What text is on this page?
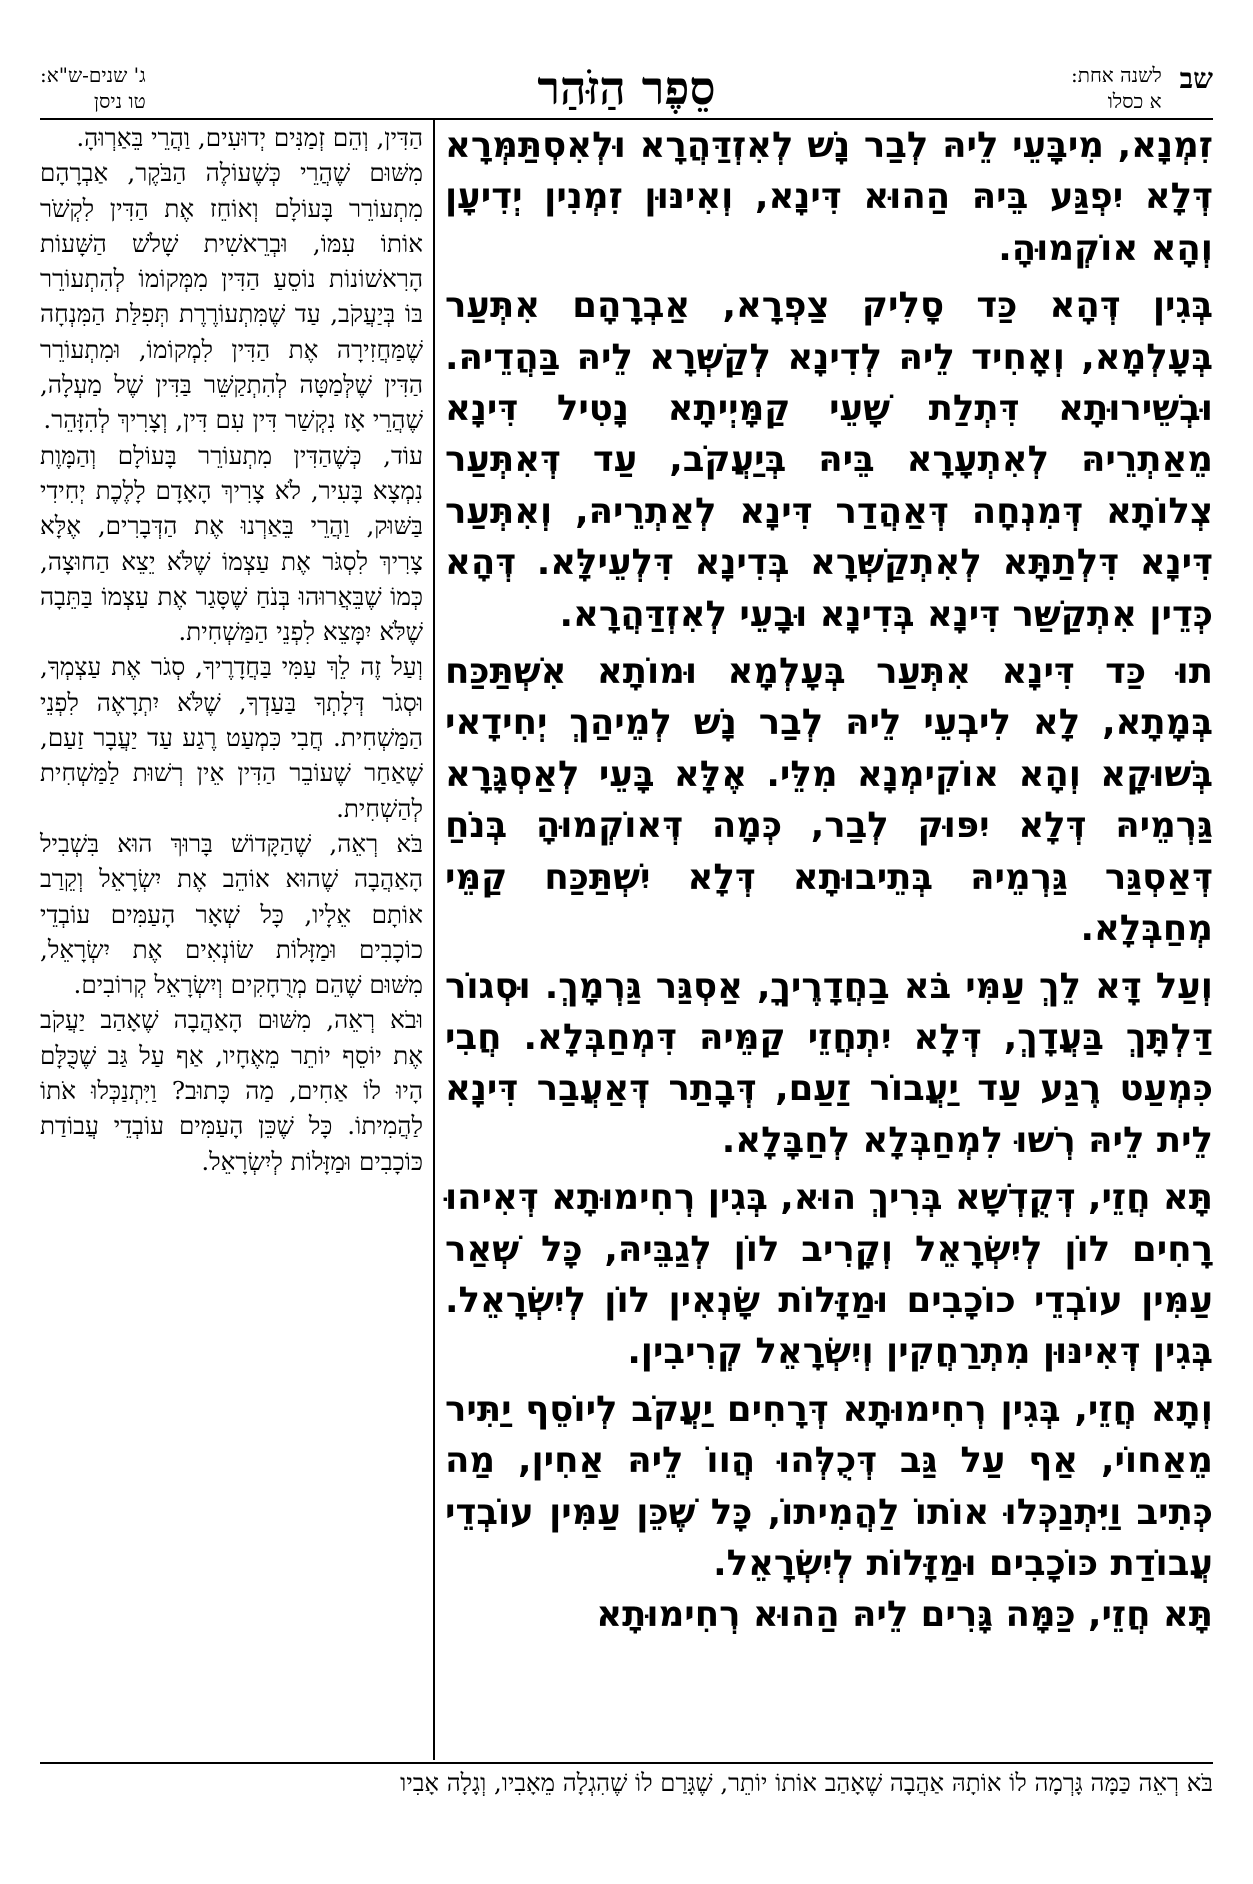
שב
לשנה אחת:
א כסלו
סֵפֶר הַזֹּהַר
ג' שנים-ש"א:
טו ניסן

זִמְנָא, מִיבָּעֵי לֵיהּ לְבַר נָשׁ לְאִזְדַּהֲרָא וּלְאִסְתַּמְּרָא דְּלָא יִפְגַּע בֵּיהּ הַהוּא דִּינָא, וְאִינּוּן זִמְנִין יְדִיעָן וְהָא אוֹקְמוּהָ.

בְּגִין דְּהָא כַּד סָלִיק צַפְרָא, אַבְרָהָם אִתְּעַר בְּעָלְמָא, וְאָחִיד לֵיהּ לְדִינָא לְקַשְּׁרָא לֵיהּ בַּהֲדֵיהּ. וּבְשֵׁירוּתָא דִּתְלַת שָׁעֵי קַמָּיְיתָא נָטִיל דִּינָא מֵאַתְרֵיהּ לְאִתְעָרָא בֵּיהּ בְּיַעֲקֹב, עַד דְּאִתְּעַר צְלוֹתָא דְּמִנְחָה דְּאַהֲדַר דִּינָא לְאַתְרֵיהּ, וְאִתְּעַר דִּינָא דִּלְתַתָּא לְאִתְקַשְּׁרָא בְּדִינָא דִּלְעֵילָּא. דְּהָא כְּדֵין אִתְקַשַּׁר דִּינָא בְּדִינָא וּבָעֵי לְאִזְדַּהֲרָא.

תוּ כַּד דִּינָא אִתְּעַר בְּעָלְמָא וּמוֹתָא אִשְׁתַּכַּח בְּמָתָא, לָא לִיבְעֵי לֵיהּ לְבַר נָשׁ לְמֵיהַךְ יְחִידָאי בְּשׁוּקָא וְהָא אוֹקִימְנָא מִלֵּי. אֶלָּא בָּעֵי לְאַסְגָּרָא גַּרְמֵיהּ דְּלָא יִפּוּק לְבַר, כְּמָה דְּאוֹקְמוּהָ בְּנֹחַ דְּאַסְגַּר גַּרְמֵיהּ בְּתֵיבוּתָא דְּלָא יִשְׁתַּכַּח קַמֵּי מְחַבְּלָא.

וְעַל דָּא לֵךְ עַמִּי בֹּא בַחֲדָרֶיךָ, אַסְגַּר גַּרְמָךְ. וּסְגוֹר דַּלְתָּךְ בַּעֲדָךְ, דְּלָא יִתְחֲזֵי קַמֵּיהּ דִּמְחַבְּלָא. חֲבִי כִּמְעַט רֶגַע עַד יַעֲבוֹר זַעַם, דְּבָתַר דְּאַעֲבַר דִּינָא לֵית לֵיהּ רְשׁוּ לִמְחַבְּלָא לְחַבָּלָא.

תָּא חֲזֵי, דְּקֻדְשָׁא בְּרִיךְ הוּא, בְּגִין רְחִימוּתָא דְּאִיהוּ רָחִים לוֹן לְיִשְׂרָאֵל וְקָרִיב לוֹן לְגַבֵּיהּ, כָּל שְׁאַר עַמִּין עוֹבְדֵי כוֹכָבִים וּמַזָּלוֹת שָׂנְאִין לוֹן לְיִשְׂרָאֵל. בְּגִין דְּאִינּוּן מִתְרַחֲקִין וְיִשְׂרָאֵל קְרִיבִין.

וְתָא חֲזֵי, בְּגִין רְחִימוּתָא דְּרָחִים יַעֲקֹב לְיוֹסֵף יַתִּיר מֵאַחוֹי, אַף עַל גַּב דְּכֻלְּהוּ הֲווֹ לֵיהּ אַחִין, מַה כְּתִיב וַיִּתְנַכְּלוּ אוֹתוֹ לַהֲמִיתוֹ, כָּל שֶׁכֵּן עַמִּין עוֹבְדֵי עֲבוֹדַת כּוֹכָבִים וּמַזָּלוֹת לְיִשְׂרָאֵל.

תָּא חֲזֵי, כַּמָּה גָּרִים לֵיהּ הַהוּא רְחִימוּתָא

הַדִּין, וְהֵם זְמַנִּים יְדוּעִים, וַהֲרֵי בֵּאַרְוּהָ.

מִשּׁוּם שֶׁהֲרֵי כְּשֶׁעוֹלֶה הַבֹּקֶר, אַבְרָהָם מִתְעוֹרֵר בָּעוֹלָם וְאוֹחֵז אֶת הַדִּין לִקְשֹׁר אוֹתוֹ עִמּוֹ, וּבְרֵאשִׁית שָׁלֹשׁ הַשָּׁעוֹת הָרִאשׁוֹנוֹת נוֹסֵעַ הַדִּין מִמְּקוֹמוֹ לְהִתְעוֹרֵר בּוֹ בְּיַעֲקֹב, עַד שֶׁמִּתְעוֹרֶרֶת תְּפִלַּת הַמִּנְחָה שֶׁמַּחֲזִירָה אֶת הַדִּין לִמְקוֹמוֹ, וּמִתְעוֹרֵר הַדִּין שֶׁלְּמַטָּה לְהִתְקַשֵּׁר בַּדִּין שֶׁל מַעְלָה, שֶׁהֲרֵי אָז נִקְשַׁר דִּין עִם דִּין, וְצָרִיךְ לְהִזָּהֵר.

עוֹד, כְּשֶׁהַדִּין מִתְעוֹרֵר בָּעוֹלָם וְהַמָּוֶת נִמְצָא בָּעִיר, לֹא צָרִיךְ הָאָדָם לָלֶכֶת יְחִידִי בַּשּׁוּק, וַהֲרֵי בֵּאַרְנוּ אֶת הַדְּבָרִים, אֶלָּא צָרִיךְ לִסְגֹּר אֶת עַצְמוֹ שֶׁלֹּא יֵצֵא הַחוּצָה, כְּמוֹ שֶׁבֵּאֲרוּהוּ בְּנֹחַ שֶׁסָּגַר אֶת עַצְמוֹ בַּתֵּבָה שֶׁלֹּא יִמָּצֵא לִפְנֵי הַמַּשְׁחִית.

וְעַל זֶה לֵךְ עַמִּי בַּחֲדָרֶיךָ, סְגֹר אֶת עַצְמְךָ, וּסְגֹר דְּלָתְךָ בַּעַדְךָ, שֶׁלֹּא יִתְרָאֶה לִפְנֵי הַמַּשְׁחִית. חֲבִי כִּמְעַט רֶגַע עַד יַעֲבָר זַעַם, שֶׁאַחַר שֶׁעוֹבֵר הַדִּין אֵין רְשׁוּת לַמַּשְׁחִית לְהַשְׁחִית.

בֹּא רְאֵה, שֶׁהַקָּדוֹשׁ בָּרוּךְ הוּא בִּשְׁבִיל הָאַהֲבָה שֶׁהוּא אוֹהֵב אֶת יִשְׂרָאֵל וְקֵרַב אוֹתָם אֵלָיו, כָּל שְׁאָר הָעַמִּים עוֹבְדֵי כוֹכָבִים וּמַזָּלוֹת שׂוֹנְאִים אֶת יִשְׂרָאֵל, מִשּׁוּם שֶׁהֵם מְרֻחָקִים וְיִשְׂרָאֵל קְרוֹבִים.

וּבֹא רְאֵה, מִשּׁוּם הָאַהֲבָה שֶׁאָהַב יַעֲקֹב אֶת יוֹסֵף יוֹתֵר מֵאֶחָיו, אַף עַל גַּב שֶׁכֻּלָּם הָיוּ לוֹ אַחִים, מַה כָּתוּב? וַיִּתְנַכְּלוּ אֹתוֹ לַהֲמִיתוֹ. כָּל שֶׁכֵּן הָעַמִּים עוֹבְדֵי עֲבוֹדַת כּוֹכָבִים וּמַזָּלוֹת לְיִשְׂרָאֵל.

בֹּא רְאֵה כַּמָּה גָּרְמָה לוֹ אוֹתָהּ אַהֲבָה שֶׁאָהַב אוֹתוֹ יוֹתֵר, שֶׁגָּרַם לוֹ שֶׁהִגְלָה מֵאָבִיו, וְגָלָה אָבִיו
